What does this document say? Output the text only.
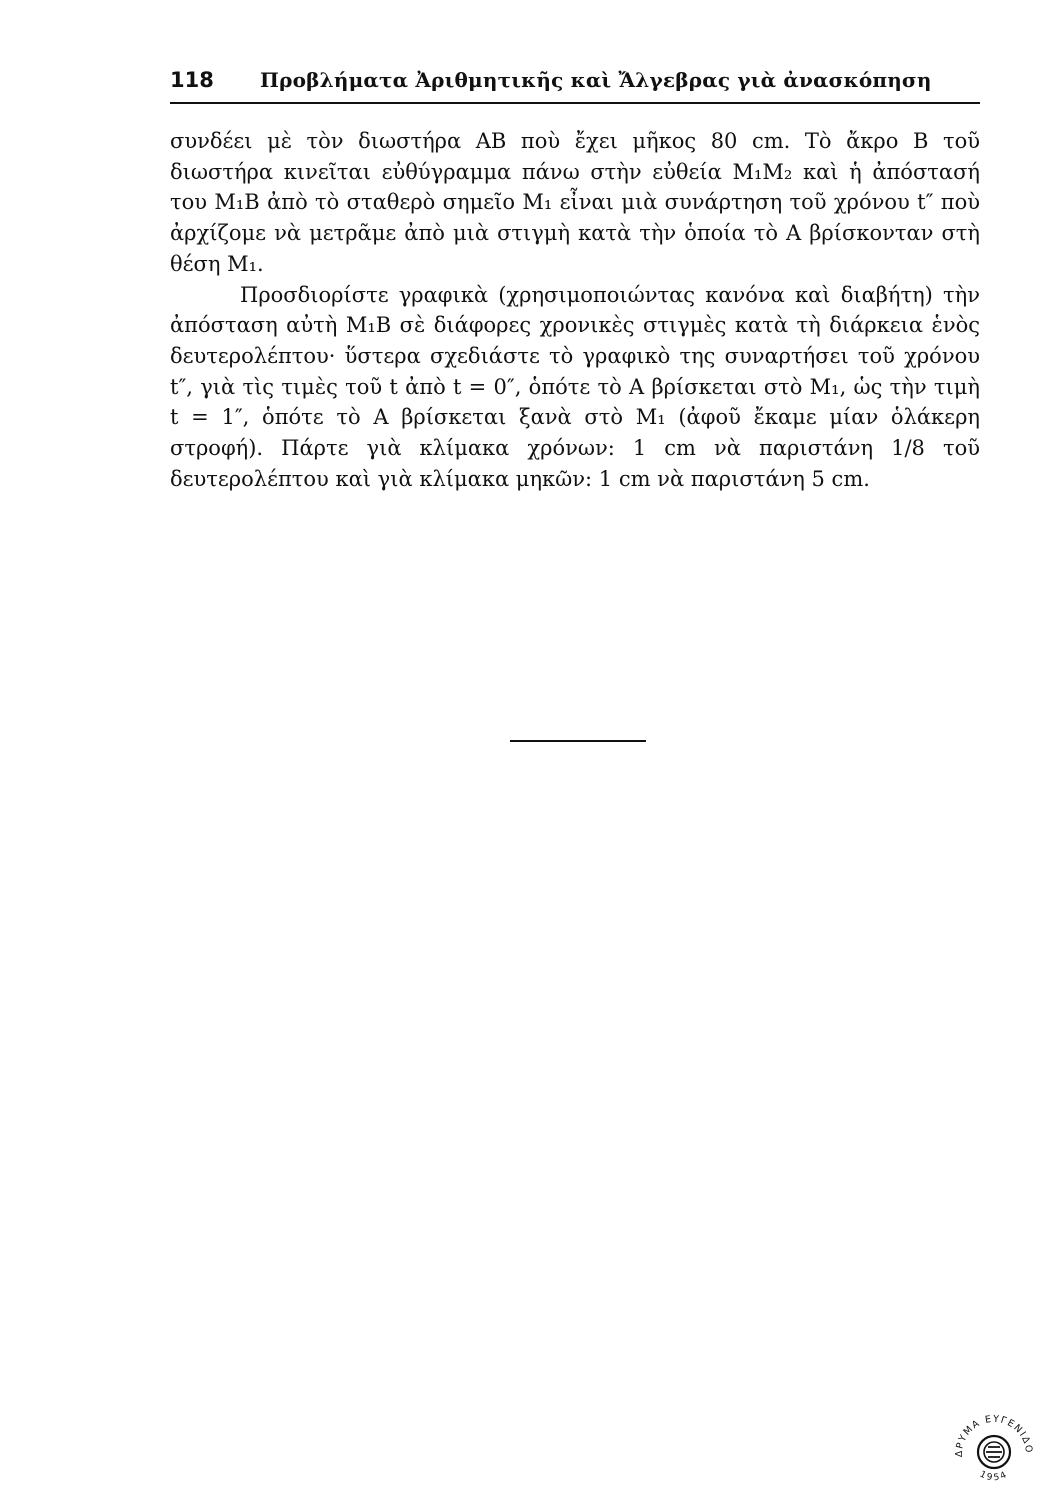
118 Προβλήματα Ἀριθμητικῆς καὶ Ἄλγεβρας γιὰ ἀνασκόπηση

συνδέει μὲ τὸν διωστήρα AB ποὺ ἔχει μῆκος 80 cm. Τὸ ἄκρο B τοῦ διωστήρα κινεῖται εὐθύγραμμα πάνω στὴν εὐθεία M₁M₂ καὶ ἡ ἀπόστασή του M₁B ἀπὸ τὸ σταθερὸ σημεῖο M₁ εἶναι μιὰ συνάρτηση τοῦ χρόνου t″ ποὺ ἀρχίζομε νὰ μετρᾶμε ἀπὸ μιὰ στιγμὴ κατὰ τὴν ὁποία τὸ A βρίσκονταν στὴ θέση M₁.

Προσδιορίστε γραφικὰ (χρησιμοποιώντας κανόνα καὶ διαβήτη) τὴν ἀπόσταση αὐτὴ M₁B σὲ διάφορες χρονικὲς στιγμὲς κατὰ τὴ διάρκεια ἑνὸς δευτερολέπτου· ὕστερα σχεδιάστε τὸ γραφικὸ της συναρτήσει τοῦ χρόνου t″, γιὰ τὶς τιμὲς τοῦ t ἀπὸ t = 0″, ὁπότε τὸ A βρίσκεται στὸ M₁, ὡς τὴν τιμὴ t = 1″, ὁπότε τὸ A βρίσκεται ξανὰ στὸ M₁ (ἀφοῦ ἔκαμε μίαν ὁλάκερη στροφή). Πάρτε γιὰ κλίμακα χρόνων: 1 cm νὰ παριστάνη 1/8 τοῦ δευτερολέπτου καὶ γιὰ κλίμακα μηκῶν: 1 cm νὰ παριστάνη 5 cm.

ΔΡΥΜΑ ΕΥΓΕΝΙΔΟ
1954
